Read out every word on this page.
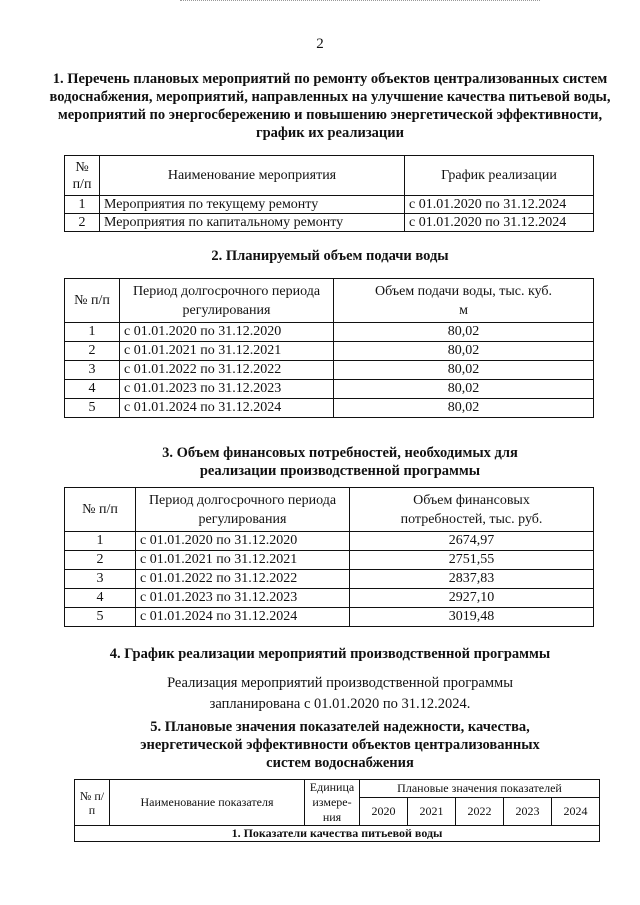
2
1. Перечень плановых мероприятий по ремонту объектов централизованных систем водоснабжения, мероприятий, направленных на улучшение качества питьевой воды, мероприятий по энергосбережению и повышению энергетической эффективности, график их реализации
№ п/п	Наименование мероприятия	График реализации
1	Мероприятия по текущему ремонту	с 01.01.2020 по 31.12.2024
2	Мероприятия по капитальному ремонту	с 01.01.2020 по 31.12.2024
2. Планируемый объем подачи воды
№ п/п	Период долгосрочного периода регулирования	Объем подачи воды, тыс. куб. м
1	с 01.01.2020 по 31.12.2020	80,02
2	с 01.01.2021 по 31.12.2021	80,02
3	с 01.01.2022 по 31.12.2022	80,02
4	с 01.01.2023 по 31.12.2023	80,02
5	с 01.01.2024 по 31.12.2024	80,02
3. Объем финансовых потребностей, необходимых для реализации производственной программы
№ п/п	Период долгосрочного периода регулирования	Объем финансовых потребностей, тыс. руб.
1	с 01.01.2020 по 31.12.2020	2674,97
2	с 01.01.2021 по 31.12.2021	2751,55
3	с 01.01.2022 по 31.12.2022	2837,83
4	с 01.01.2023 по 31.12.2023	2927,10
5	с 01.01.2024 по 31.12.2024	3019,48
4. График реализации мероприятий производственной программы
Реализация мероприятий производственной программы запланирована с 01.01.2020 по 31.12.2024.
5. Плановые значения показателей надежности, качества, энергетической эффективности объектов централизованных систем водоснабжения
№ п/п	Наименование показателя	Единица измере-ния	Плановые значения показателей				
			2020	2021	2022	2023	2024
1. Показатели качества питьевой воды							
